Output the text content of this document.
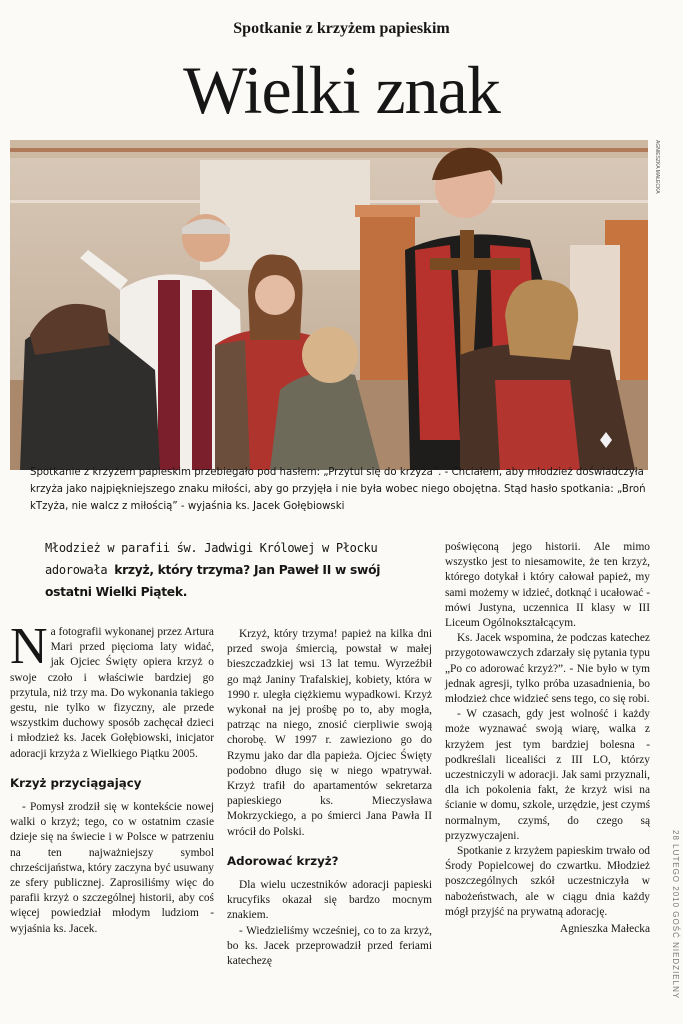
Spotkanie z krzyżem papieskim
Wielki znak
AGNIESZKA MAŁECKA
Spotkanie z krzyżem papieskim przebiegało pod hasłem: „Przytul się do krzyża”. - Chciałem, aby młodzież doświadczyła krzyża jako najpiękniejszego znaku miłości, aby go przyjęła i nie była wobec niego obojętna. Stąd hasło spotkania: „Broń kTzyża, nie walcz z miłością” - wyjaśnia ks. Jacek Gołębiowski
Młodzież w parafii św. Jadwigi Królowej w Płocku adorowała krzyż, który trzyma? Jan Paweł II w swój ostatni Wielki Piątek.

Na fotografii wykonanej przez Artura Mari przed pięcioma laty widać, jak Ojciec Święty opiera krzyż o swoje czoło i właściwie bardziej go przytula, niż trzy ma. Do wykonania takiego gestu, nie tylko w fizyczny, ale przede wszystkim duchowy sposób zachęcał dzieci i młodzież ks. Jacek Gołębiowski, inicjator adoracji krzyża z Wielkiego Piątku 2005.

Krzyż przyciągający

- Pomysł zrodził się w kontekście nowej walki o krzyż; tego, co w ostatnim czasie dzieje się na świecie i w Polsce w patrzeniu na ten najważniejszy symbol chrześcijaństwa, który zaczyna być usuwany ze sfery publicznej. Zaprosiliśmy więc do parafii krzyż o szczególnej historii, aby coś więcej powiedział młodym ludziom - wyjaśnia ks. Jacek.

Krzyż, który trzyma! papież na kilka dni przed swoja śmiercią, powstał w małej bieszczadzkiej wsi 13 lat temu. Wyrzeźbił go mąż Janiny Trafalskiej, kobiety, która w 1990 r. uległa ciężkiemu wypadkowi. Krzyż wykonał na jej prośbę po to, aby mogła, patrząc na niego, znosić cierpliwie swoją chorobę. W 1997 r. zawieziono go do Rzymu jako dar dla papieża. Ojciec Święty podobno długo się w niego wpatrywał. Krzyż trafił do apartamentów sekretarza papieskiego ks. Mieczysława Mokrzyckiego, a po śmierci Jana Pawła II wrócił do Polski.

Adorować krzyż?

Dla wielu uczestników adoracji papieski krucyfiks okazał się bardzo mocnym znakiem.

- Wiedzieliśmy wcześniej, co to za krzyż, bo ks. Jacek przeprowadził przed feriami katechezę

poświęconą jego historii. Ale mimo wszystko jest to niesamowite, że ten krzyż, którego dotykał i który całował papież, my sami możemy w idzieć, dotknąć i ucałować - mówi Justyna, uczennica II klasy w III Liceum Ogólnokształcącym.

Ks. Jacek wspomina, że podczas katechez przygotowawczych zdarzały się pytania typu „Po co adorować krzyż?”. - Nie było w tym jednak agresji, tylko próba uzasadnienia, bo młodzież chce widzieć sens tego, co się robi.

- W czasach, gdy jest wolność i każdy może wyznawać swoją wiarę, walka z krzyżem jest tym bardziej bolesna - podkreślali licealiści z III LO, którzy uczestniczyli w adoracji. Jak sami przyznali, dla ich pokolenia fakt, że krzyż wisi na ścianie w domu, szkole, urzędzie, jest czymś normalnym, czymś, do czego są przyzwyczajeni.

Spotkanie z krzyżem papieskim trwało od Środy Popielcowej do czwartku. Młodzież poszczególnych szkół uczestniczyła w nabożeństwach, ale w ciągu dnia każdy mógł przyjść na prywatną adorację.

Agnieszka Małecka
28 LUTEGO 2010 GOŚĆ NIEDZIELNY
